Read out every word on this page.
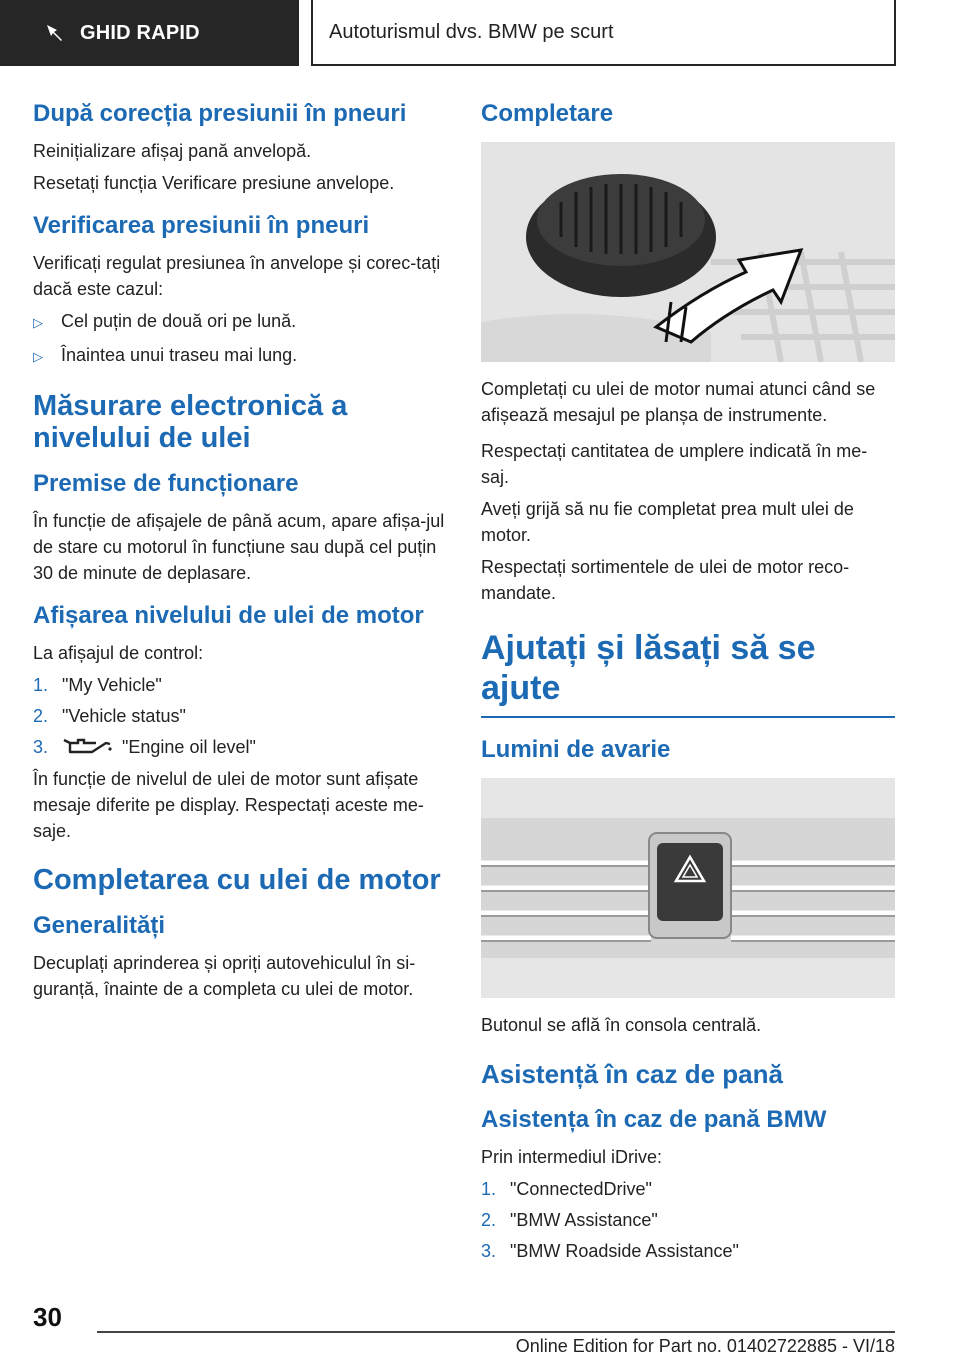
GHID RAPID	Autoturismul dvs. BMW pe scurt
După corecția presiunii în pneuri

Reinițializare afișaj pană anvelopă.

Resetați funcția Verificare presiune anvelope.

Verificarea presiunii în pneuri

Verificați regulat presiunea în anvelope și corec-tați dacă este cazul:

▷	Cel puțin de două ori pe lună.
▷	Înaintea unui traseu mai lung.
Măsurare electronică a nivelului de ulei
Premise de funcționare

În funcție de afișajele de până acum, apare afișa-jul de stare cu motorul în funcțiune sau după cel puțin 30 de minute de deplasare.

Afișarea nivelului de ulei de motor

La afișajul de control:

1. "My Vehicle"
2. "Vehicle status"
3.	"Engine oil level"

În funcție de nivelul de ulei de motor sunt afișate mesaje diferite pe display. Respectați aceste me-saje.

Completarea cu ulei de motor
Generalități

Decuplați aprinderea și opriți autovehiculul în si-guranță, înainte de a completa cu ulei de motor.

Completare

Completați cu ulei de motor numai atunci când se afișează mesajul pe planșa de instrumente.

Respectați cantitatea de umplere indicată în me-saj.

Aveți grijă să nu fie completat prea mult ulei de motor.

Respectați sortimentele de ulei de motor reco-mandate.

Ajutați și lăsați să se ajute
Lumini de avarie

Butonul se află în consola centrală.

Asistență în caz de pană
Asistența în caz de pană BMW

Prin intermediul iDrive:

1. "ConnectedDrive"
2. "BMW Assistance"
3. "BMW Roadside Assistance"
30
Online Edition for Part no. 01402722885 - VI/18
